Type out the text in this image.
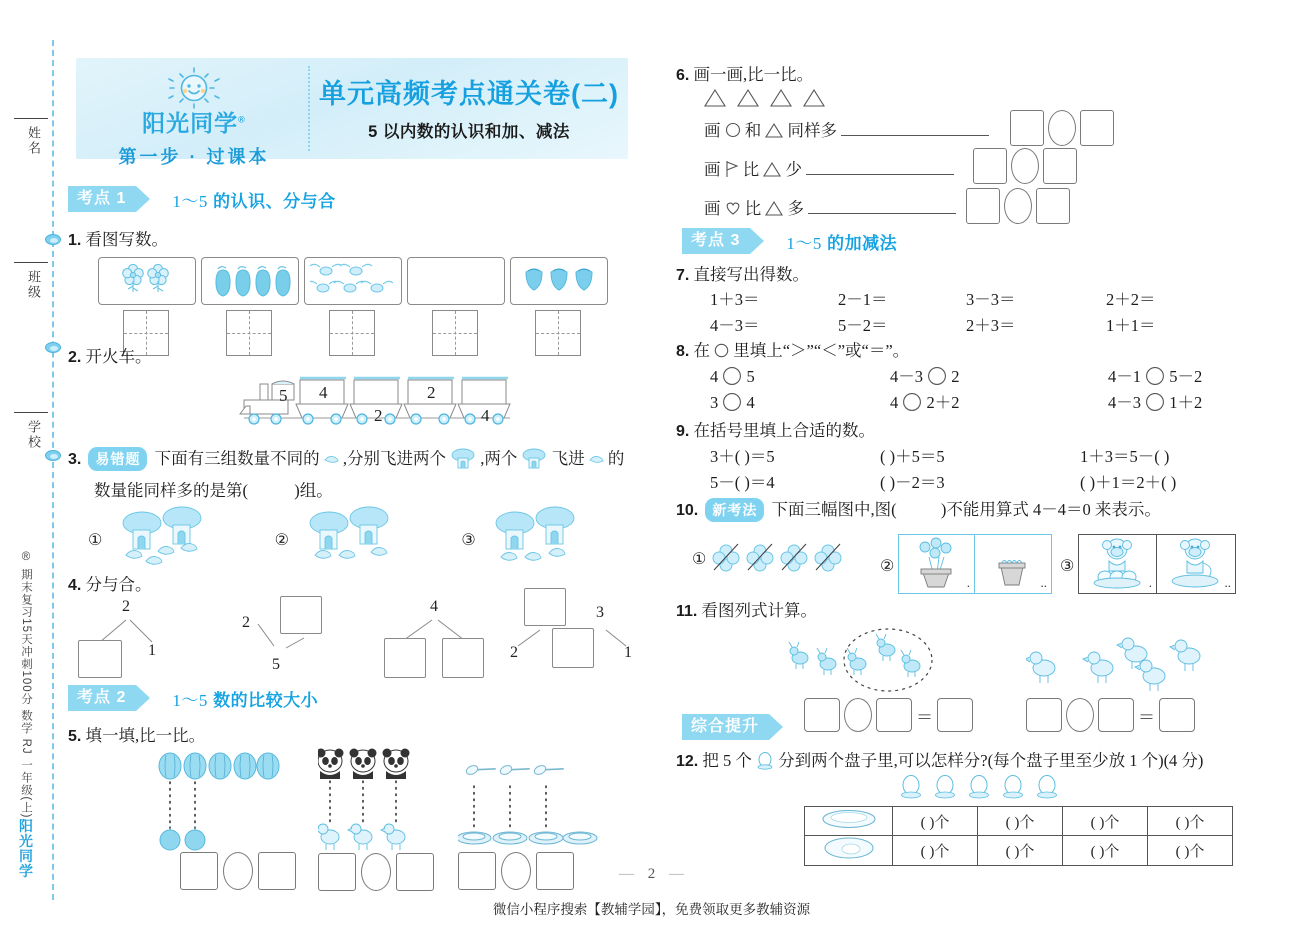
姓名
班级
学校
® 期末复习15天冲刺100分 数学 RJ 一年级(上)阳光同学
阳光同学®
第一步 · 过课本
单元高频考点通关卷(二)
5 以内数的认识和加、减法
考点 1	1～5 的认识、分与合
1. 看图写数。
2. 开火车。
5 4	2
2	4
3. 易错题 下面有三组数量不同的 ,分别飞进两个 ,两个 飞进 的
数量能同样多的是第(	)组。
①	②	③
4. 分与合。
2
1
2
5
4	3
2	1
考点 2	1～5 数的比较大小
5. 填一填,比一比。
6. 画一画,比一比。
画 和 同样多
画 比 少
画 比 多
考点 3	1～5 的加减法
7. 直接写出得数。
1＋3＝	2－1＝	3－3＝	2＋2＝
4－3＝	5－2＝	2＋3＝	1＋1＝
8. 在 里填上“＞”“＜”或“＝”。
4 5	4－3 2	4－1 5－2
3 4	4 2＋2	4－3 1＋2
9. 在括号里填上合适的数。
3＋( )＝5	( )＋5＝5	1＋3＝5－( )
5－( )＝4	( )－2＝3	( )＋1＝2＋( )
10. 新考法 下面三幅图中,图(	)不能用算式 4－4＝0 来表示。
①	②
.	..
③
.	..
11. 看图列式计算。
＝	＝
综合提升
12. 把 5 个 分到两个盘子里,可以怎样分?(每个盘子里至少放 1 个)(4 分)
	( )个	( )个	( )个	( )个
	( )个	( )个	( )个	( )个
— 2 —
微信小程序搜索【教辅学园】，免费领取更多教辅资源
